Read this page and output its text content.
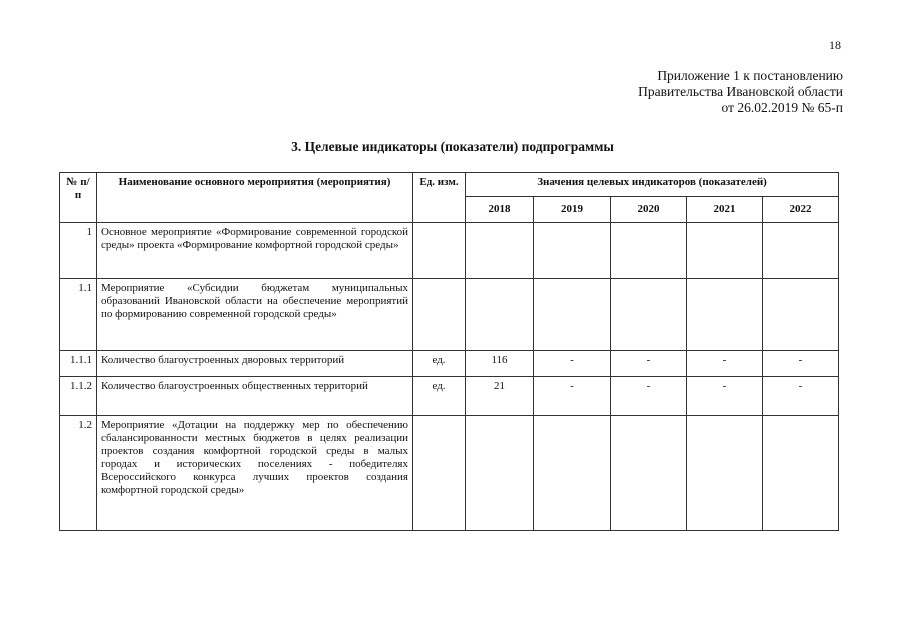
18
Приложение 1 к постановлению
Правительства Ивановской области
от 26.02.2019 № 65-п
3. Целевые индикаторы (показатели) подпрограммы
№ п/п	Наименование основного мероприятия (мероприятия)	Ед. изм.	Значения целевых индикаторов (показателей)				
			2018	2019	2020	2021	2022
1	Основное мероприятие «Формирование современной городской среды» проекта «Формирование комфортной городской среды»						
1.1	Мероприятие «Субсидии бюджетам муниципальных образований Ивановской области на обеспечение мероприятий по формированию современной городской среды»						
1.1.1	Количество благоустроенных дворовых территорий	ед.	116	-	-	-	-
1.1.2	Количество благоустроенных общественных территорий	ед.	21	-	-	-	-
1.2	Мероприятие «Дотации на поддержку мер по обеспечению сбалансированности местных бюджетов в целях реализации проектов создания комфортной городской среды в малых городах и исторических поселениях - победителях Всероссийского конкурса лучших проектов создания комфортной городской среды»						
